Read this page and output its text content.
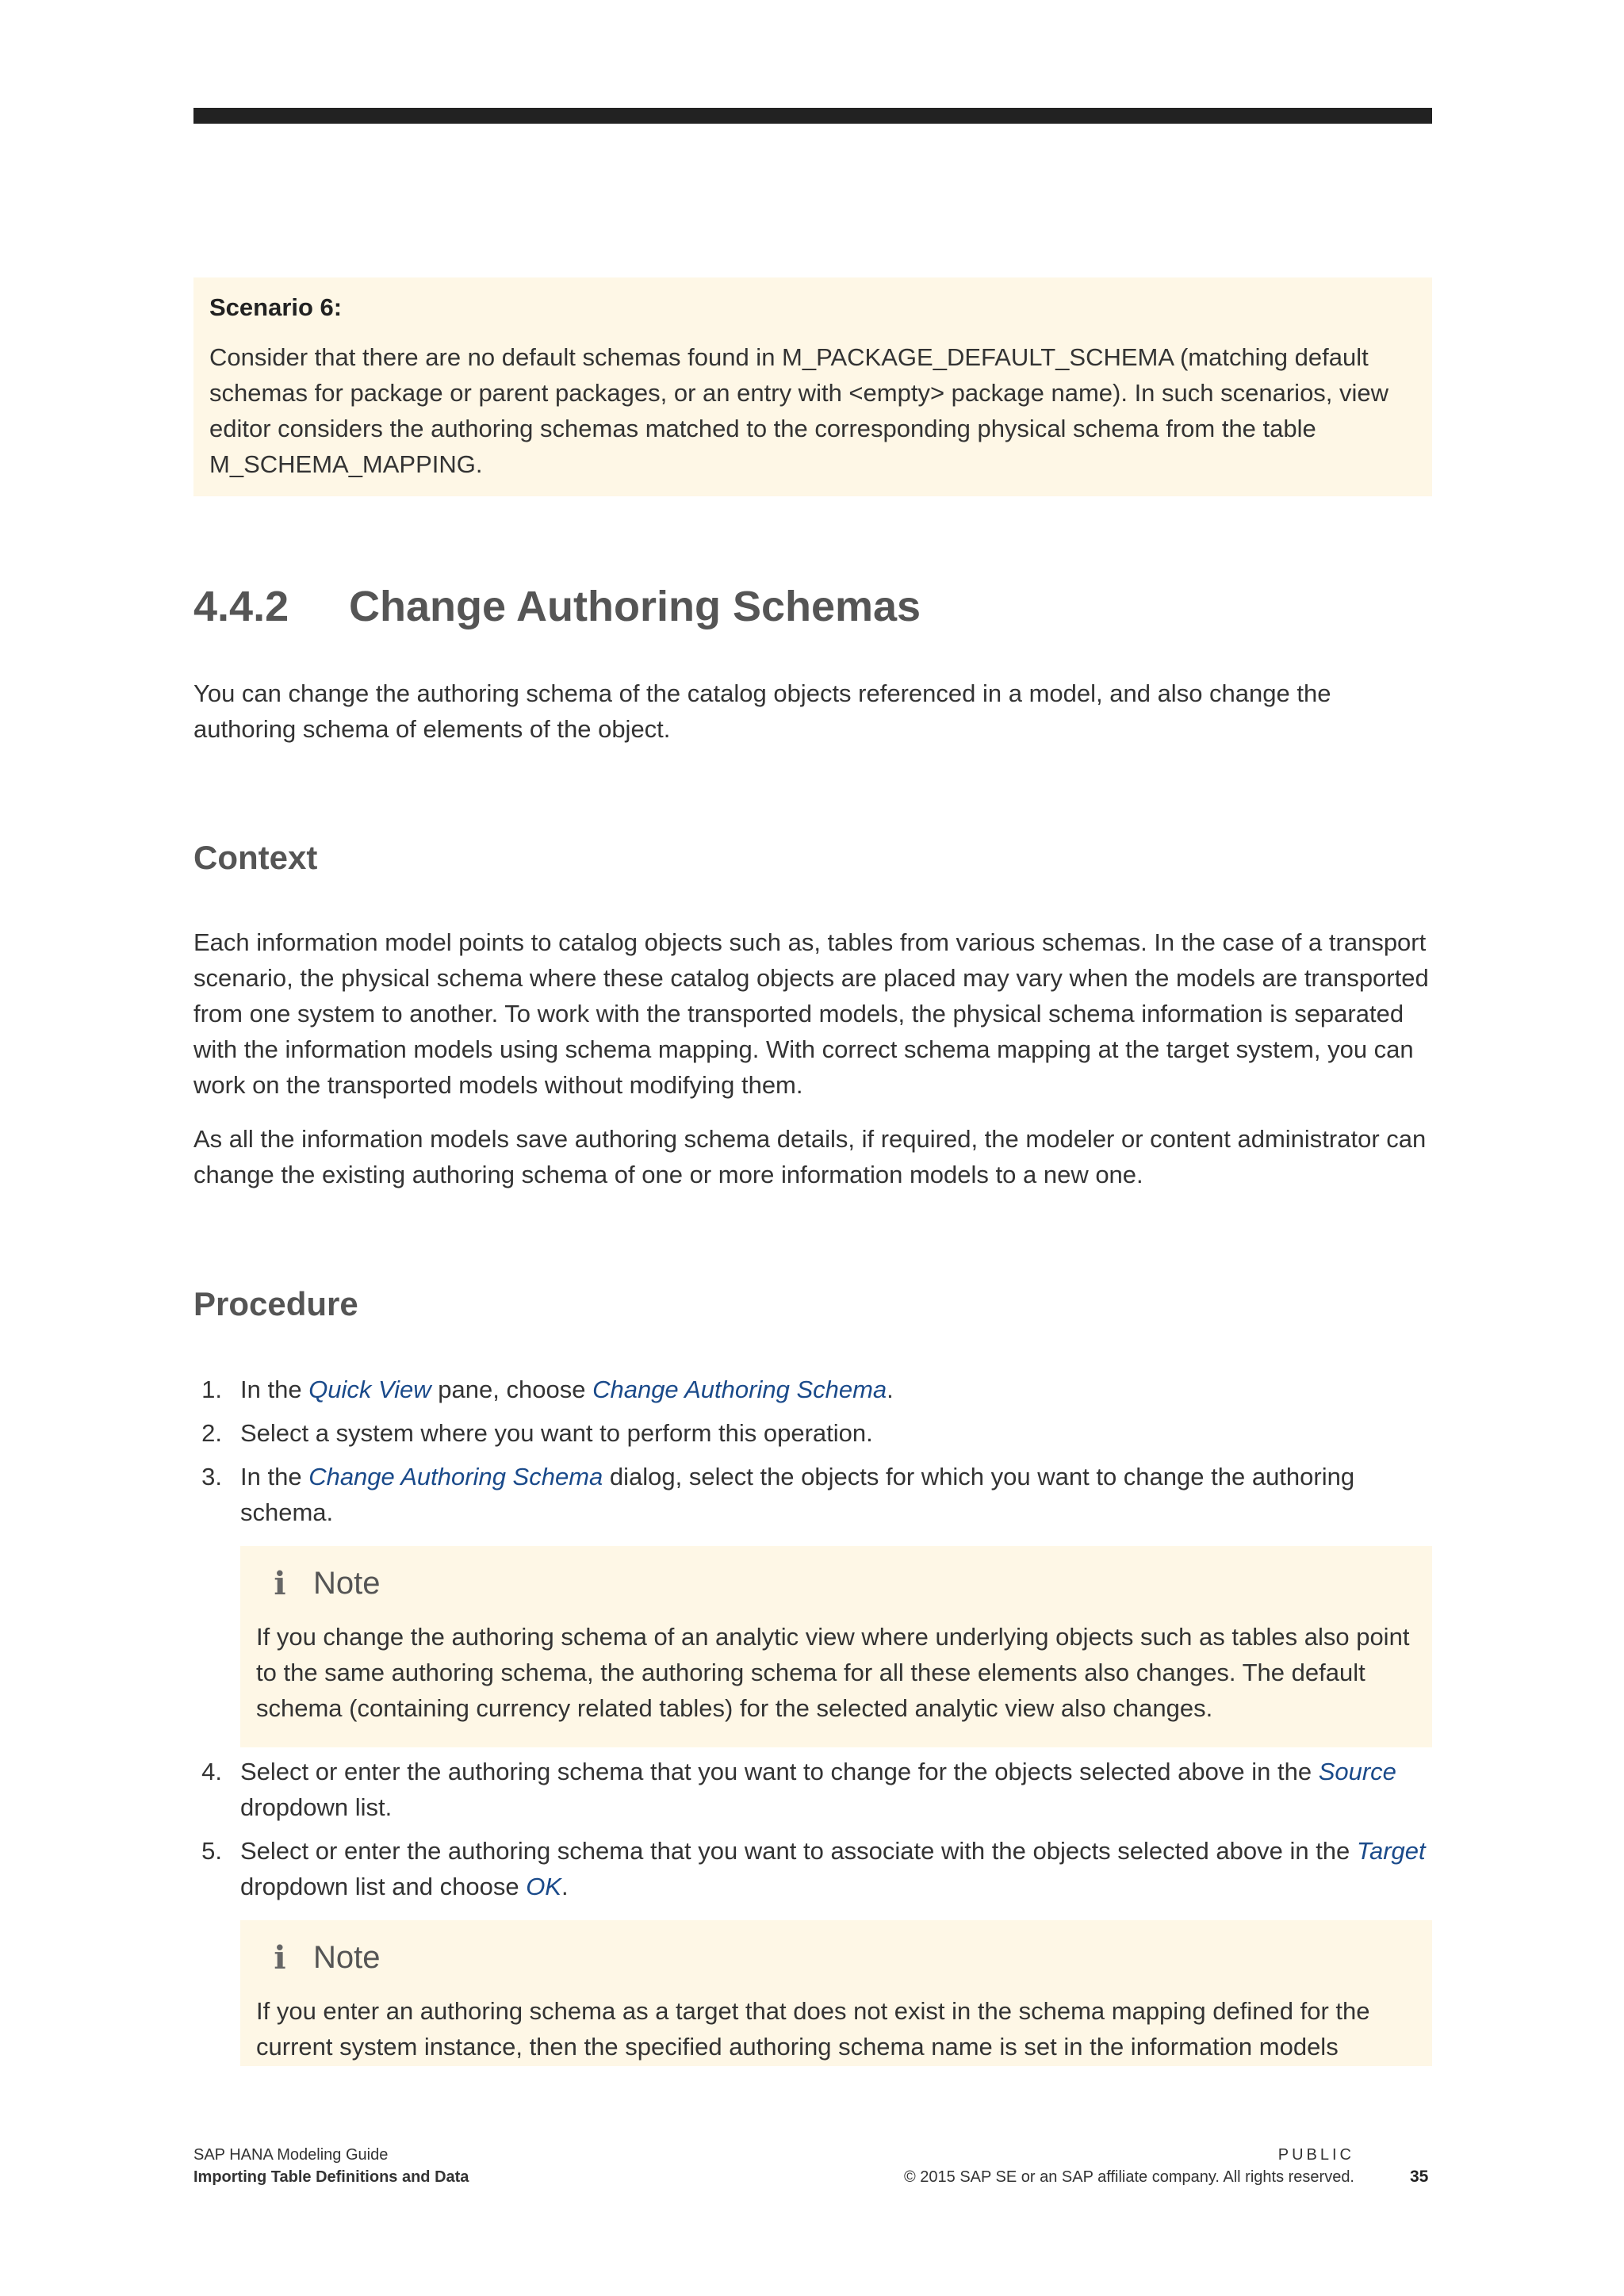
Scenario 6:

Consider that there are no default schemas found in M_PACKAGE_DEFAULT_SCHEMA (matching default schemas for package or parent packages, or an entry with <empty> package name). In such scenarios, view editor considers the authoring schemas matched to the corresponding physical schema from the table M_SCHEMA_MAPPING.

4.4.2 Change Authoring Schemas

You can change the authoring schema of the catalog objects referenced in a model, and also change the authoring schema of elements of the object.

Context

Each information model points to catalog objects such as, tables from various schemas. In the case of a transport scenario, the physical schema where these catalog objects are placed may vary when the models are transported from one system to another. To work with the transported models, the physical schema information is separated with the information models using schema mapping. With correct schema mapping at the target system, you can work on the transported models without modifying them.

As all the information models save authoring schema details, if required, the modeler or content administrator can change the existing authoring schema of one or more information models to a new one.

Procedure
1. In the Quick View pane, choose Change Authoring Schema.
2. Select a system where you want to perform this operation.
3. In the Change Authoring Schema dialog, select the objects for which you want to change the authoring schema.
i Note

If you change the authoring schema of an analytic view where underlying objects such as tables also point to the same authoring schema, the authoring schema for all these elements also changes. The default schema (containing currency related tables) for the selected analytic view also changes.

4. Select or enter the authoring schema that you want to change for the objects selected above in the Source dropdown list.
5. Select or enter the authoring schema that you want to associate with the objects selected above in the Target dropdown list and choose OK.
i Note

If you enter an authoring schema as a target that does not exist in the schema mapping defined for the current system instance, then the specified authoring schema name is set in the information models

SAP HANA Modeling Guide
Importing Table Definitions and Data
PUBLIC
© 2015 SAP SE or an SAP affiliate company. All rights reserved.	35
